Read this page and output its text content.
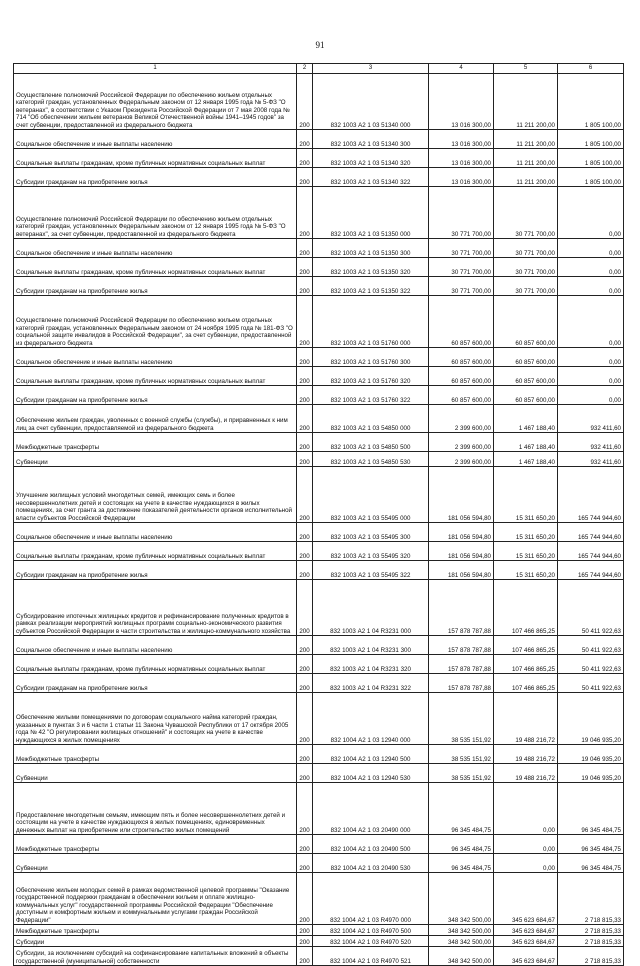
91
1	2	3	4	5	6
Осуществление полномочий Российской Федерации по обеспечению жильем отдельных категорий граждан, установленных Федеральным законом от 12 января 1995 года № 5-ФЗ "О ветеранах", в соответствии с Указом Президента Российской Федерации от 7 мая 2008 года № 714 "Об обеспечении жильем ветеранов Великой Отечественной войны 1941–1945 годов" за счет субвенции, предоставленной из федерального бюджета	200	832 1003 А2 1 03 51340 000	13 016 300,00	11 211 200,00	1 805 100,00
Социальное обеспечение и иные выплаты населению	200	832 1003 А2 1 03 51340 300	13 016 300,00	11 211 200,00	1 805 100,00
Социальные выплаты гражданам, кроме публичных нормативных социальных выплат	200	832 1003 А2 1 03 51340 320	13 016 300,00	11 211 200,00	1 805 100,00
Субсидии гражданам на приобретение жилья	200	832 1003 А2 1 03 51340 322	13 016 300,00	11 211 200,00	1 805 100,00
Осуществление полномочий Российской Федерации по обеспечению жильем отдельных категорий граждан, установленных Федеральным законом от 12 января 1995 года № 5-ФЗ "О ветеранах", за счет субвенции, предоставленной из федерального бюджета	200	832 1003 А2 1 03 51350 000	30 771 700,00	30 771 700,00	0,00
Социальное обеспечение и иные выплаты населению	200	832 1003 А2 1 03 51350 300	30 771 700,00	30 771 700,00	0,00
Социальные выплаты гражданам, кроме публичных нормативных социальных выплат	200	832 1003 А2 1 03 51350 320	30 771 700,00	30 771 700,00	0,00
Субсидии гражданам на приобретение жилья	200	832 1003 А2 1 03 51350 322	30 771 700,00	30 771 700,00	0,00
Осуществление полномочий Российской Федерации по обеспечению жильем отдельных категорий граждан, установленных Федеральным законом от 24 ноября 1995 года № 181-ФЗ "О социальной защите инвалидов в Российской Федерации", за счет субвенции, предоставленной из федерального бюджета	200	832 1003 А2 1 03 51760 000	60 857 600,00	60 857 600,00	0,00
Социальное обеспечение и иные выплаты населению	200	832 1003 А2 1 03 51760 300	60 857 600,00	60 857 600,00	0,00
Социальные выплаты гражданам, кроме публичных нормативных социальных выплат	200	832 1003 А2 1 03 51760 320	60 857 600,00	60 857 600,00	0,00
Субсидии гражданам на приобретение жилья	200	832 1003 А2 1 03 51760 322	60 857 600,00	60 857 600,00	0,00
Обеспечение жильем граждан, уволенных с военной службы (службы), и приравненных к ним лиц за счет субвенции, предоставляемой из федерального бюджета	200	832 1003 А2 1 03 54850 000	2 399 600,00	1 467 188,40	932 411,60
Межбюджетные трансферты	200	832 1003 А2 1 03 54850 500	2 399 600,00	1 467 188,40	932 411,60
Субвенции	200	832 1003 А2 1 03 54850 530	2 399 600,00	1 467 188,40	932 411,60
Улучшение жилищных условий многодетных семей, имеющих семь и более несовершеннолетних детей и состоящих на учете в качестве нуждающихся в жилых помещениях, за счет гранта за достижение показателей деятельности органов исполнительной власти субъектов Российской Федерации	200	832 1003 А2 1 03 55495 000	181 056 594,80	15 311 650,20	165 744 944,60
Социальное обеспечение и иные выплаты населению	200	832 1003 А2 1 03 55495 300	181 056 594,80	15 311 650,20	165 744 944,60
Социальные выплаты гражданам, кроме публичных нормативных социальных выплат	200	832 1003 А2 1 03 55495 320	181 056 594,80	15 311 650,20	165 744 944,60
Субсидии гражданам на приобретение жилья	200	832 1003 А2 1 03 55495 322	181 056 594,80	15 311 650,20	165 744 944,60
Субсидирование ипотечных жилищных кредитов и рефинансирование полученных кредитов в рамках реализации мероприятий жилищных программ социально-экономического развития субъектов Российской Федерации в части строительства и жилищно-коммунального хозяйства	200	832 1003 А2 1 04 R3231 000	157 878 787,88	107 466 865,25	50 411 922,63
Социальное обеспечение и иные выплаты населению	200	832 1003 А2 1 04 R3231 300	157 878 787,88	107 466 865,25	50 411 922,63
Социальные выплаты гражданам, кроме публичных нормативных социальных выплат	200	832 1003 А2 1 04 R3231 320	157 878 787,88	107 466 865,25	50 411 922,63
Субсидии гражданам на приобретение жилья	200	832 1003 А2 1 04 R3231 322	157 878 787,88	107 466 865,25	50 411 922,63
Обеспечение жилыми помещениями по договорам социального найма категорий граждан, указанных в пунктах 3 и 6 части 1 статьи 11 Закона Чувашской Республики от 17 октября 2005 года № 42 "О регулировании жилищных отношений" и состоящих на учете в качестве нуждающихся в жилых помещениях	200	832 1004 А2 1 03 12940 000	38 535 151,92	19 488 216,72	19 046 935,20
Межбюджетные трансферты	200	832 1004 А2 1 03 12940 500	38 535 151,92	19 488 216,72	19 046 935,20
Субвенции	200	832 1004 А2 1 03 12940 530	38 535 151,92	19 488 216,72	19 046 935,20
Предоставление многодетным семьям, имеющим пять и более несовершеннолетних детей и состоящим на учете в качестве нуждающихся в жилых помещениях, единовременных денежных выплат на приобретение или строительство жилых помещений	200	832 1004 А2 1 03 20490 000	96 345 484,75	0,00	96 345 484,75
Межбюджетные трансферты	200	832 1004 А2 1 03 20490 500	96 345 484,75	0,00	96 345 484,75
Субвенции	200	832 1004 А2 1 03 20490 530	96 345 484,75	0,00	96 345 484,75
Обеспечение жильем молодых семей в рамках ведомственной целевой программы "Оказание государственной поддержки гражданам в обеспечении жильем и оплате жилищно-коммунальных услуг" государственной программы Российской Федерации "Обеспечение доступным и комфортным жильем и коммунальными услугами граждан Российской Федерации"	200	832 1004 А2 1 03 R4970 000	348 342 500,00	345 623 684,67	2 718 815,33
Межбюджетные трансферты	200	832 1004 А2 1 03 R4970 500	348 342 500,00	345 623 684,67	2 718 815,33
Субсидии	200	832 1004 А2 1 03 R4970 520	348 342 500,00	345 623 684,67	2 718 815,33
Субсидии, за исключением субсидий на софинансирование капитальных вложений в объекты государственной (муниципальной) собственности	200	832 1004 А2 1 03 R4970 521	348 342 500,00	345 623 684,67	2 718 815,33
